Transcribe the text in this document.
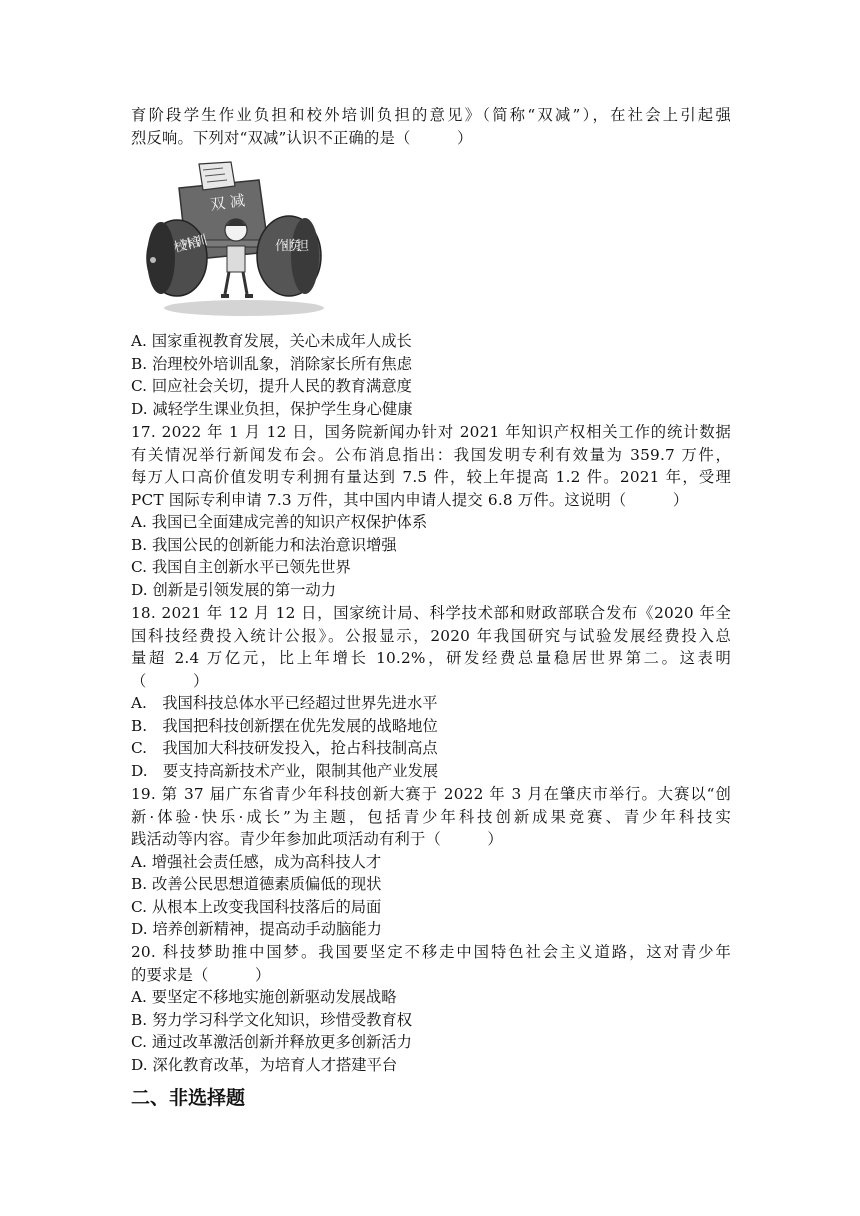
育阶段学生作业负担和校外培训负担的意见》（简称“双减”），在社会上引起强
烈反响。下列对“双减”认识不正确的是（　　　）
双 减
校外培训	作业负担
A. 国家重视教育发展，关心未成年人成长
B. 治理校外培训乱象，消除家长所有焦虑
C. 回应社会关切，提升人民的教育满意度
D. 减轻学生课业负担，保护学生身心健康
17. 2022 年 1 月 12 日，国务院新闻办针对 2021 年知识产权相关工作的统计数据
有关情况举行新闻发布会。公布消息指出：我国发明专利有效量为 359.7 万件，
每万人口高价值发明专利拥有量达到 7.5 件，较上年提高 1.2 件。2021 年，受理
PCT 国际专利申请 7.3 万件，其中国内申请人提交 6.8 万件。这说明（　　　）
A. 我国已全面建成完善的知识产权保护体系
B. 我国公民的创新能力和法治意识增强
C. 我国自主创新水平已领先世界
D. 创新是引领发展的第一动力
18. 2021 年 12 月 12 日，国家统计局、科学技术部和财政部联合发布《2020 年全
国科技经费投入统计公报》。公报显示，2020 年我国研究与试验发展经费投入总
量超 2.4 万亿元，比上年增长 10.2%，研发经费总量稳居世界第二。这表明
（　　　）
A.　我国科技总体水平已经超过世界先进水平
B.　我国把科技创新摆在优先发展的战略地位
C.　我国加大科技研发投入，抢占科技制高点
D.　要支持高新技术产业，限制其他产业发展
19. 第 37 届广东省青少年科技创新大赛于 2022 年 3 月在肇庆市举行。大赛以“创
新·体验·快乐·成长”为主题，包括青少年科技创新成果竞赛、青少年科技实
践活动等内容。青少年参加此项活动有利于（　　　）
A. 增强社会责任感，成为高科技人才
B. 改善公民思想道德素质偏低的现状
C. 从根本上改变我国科技落后的局面
D. 培养创新精神，提高动手动脑能力
20. 科技梦助推中国梦。我国要坚定不移走中国特色社会主义道路，这对青少年
的要求是（　　　）
A. 要坚定不移地实施创新驱动发展战略
B. 努力学习科学文化知识，珍惜受教育权
C. 通过改革激活创新并释放更多创新活力
D. 深化教育改革，为培育人才搭建平台
二、非选择题
